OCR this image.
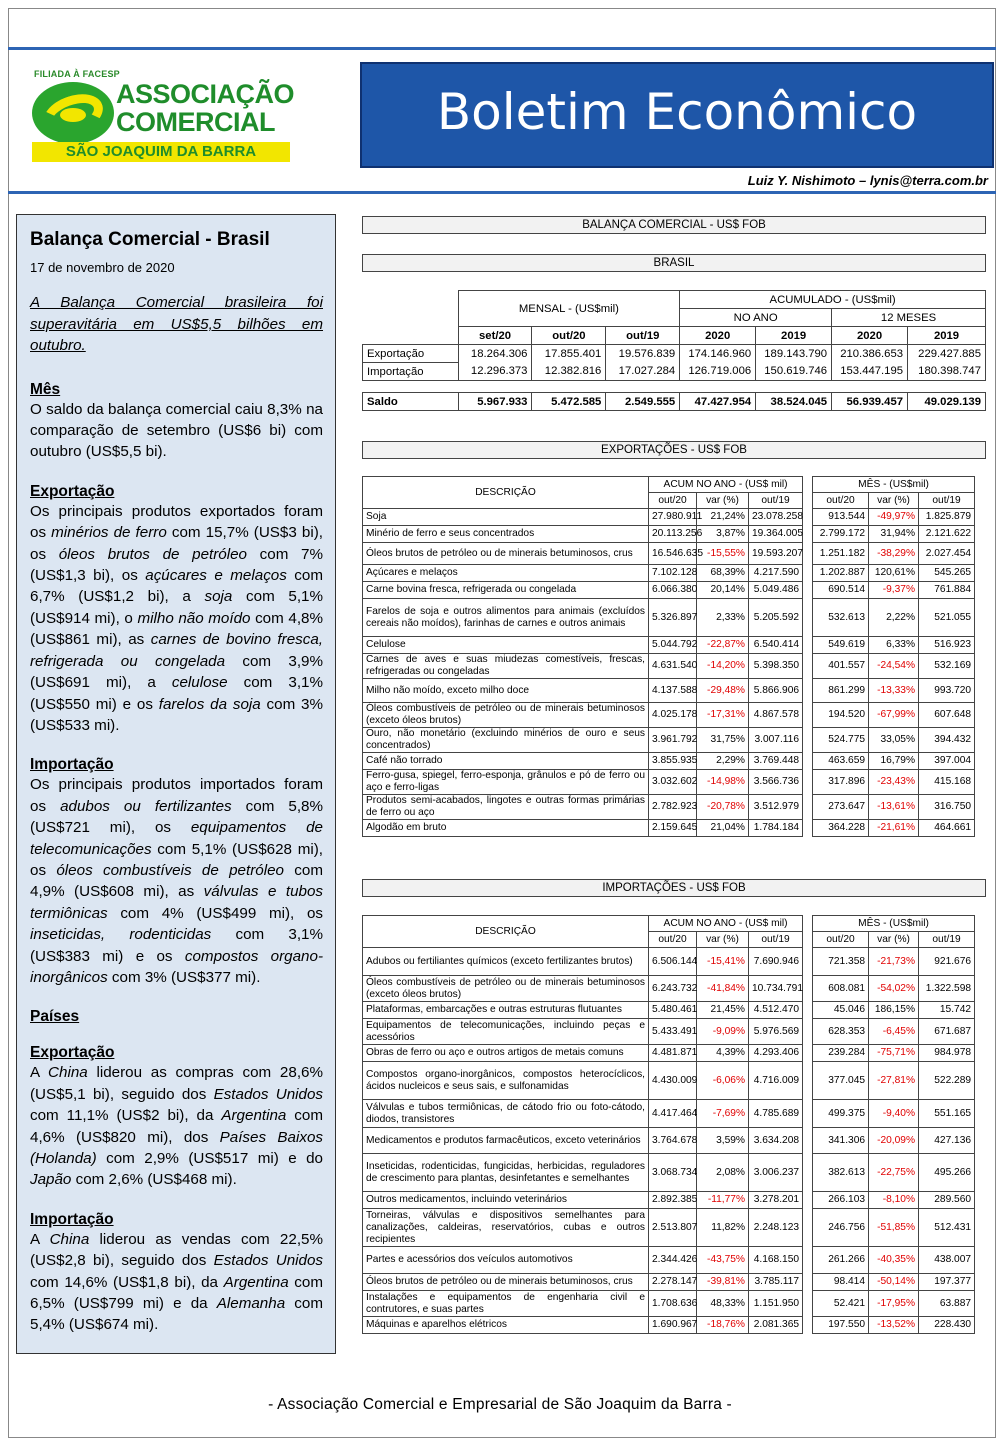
FILIADA À FACESP
ASSOCIAÇÃO
COMERCIAL
SÃO JOAQUIM DA BARRA
Boletim Econômico
Luiz Y. Nishimoto – lynis@terra.com.br
Balança Comercial - Brasil
17 de novembro de 2020

A Balança Comercial brasileira foi superavitária em US$5,5 bilhões em outubro.

Mês

O saldo da balança comercial caiu 8,3% na comparação de setembro (US$6 bi) com outubro (US$5,5 bi).

Exportação

Os principais produtos exportados foram os minérios de ferro com 15,7% (US$3 bi), os óleos brutos de petróleo com 7% (US$1,3 bi), os açúcares e melaços com 6,7% (US$1,2 bi), a soja com 5,1% (US$914 mi), o milho não moído com 4,8% (US$861 mi), as carnes de bovino fresca, refrigerada ou congelada com 3,9% (US$691 mi), a celulose com 3,1% (US$550 mi) e os farelos da soja com 3% (US$533 mi).

Importação

Os principais produtos importados foram os adubos ou fertilizantes com 5,8% (US$721 mi), os equipamentos de telecomunicações com 5,1% (US$628 mi), os óleos combustíveis de petróleo com 4,9% (US$608 mi), as válvulas e tubos termiônicas com 4% (US$499 mi), os inseticidas, rodenticidas com 3,1% (US$383 mi) e os compostos organo-inorgânicos com 3% (US$377 mi).

Países
Exportação

A China liderou as compras com 28,6% (US$5,1 bi), seguido dos Estados Unidos com 11,1% (US$2 bi), da Argentina com 4,6% (US$820 mi), dos Países Baixos (Holanda) com 2,9% (US$517 mi) e do Japão com 2,6% (US$468 mi).

Importação

A China liderou as vendas com 22,5% (US$2,8 bi), seguido dos Estados Unidos com 14,6% (US$1,8 bi), da Argentina com 6,5% (US$799 mi) e da Alemanha com 5,4% (US$674 mi).

BALANÇA COMERCIAL - US$ FOB
BRASIL
	MENSAL - (US$mil)			ACUMULADO - (US$mil)			
				NO ANO		12 MESES	
	set/20	out/20	out/19	2020	2019	2020	2019
Exportação	18.264.306	17.855.401	19.576.839	174.146.960	189.143.790	210.386.653	229.427.885
Importação	12.296.373	12.382.816	17.027.284	126.719.006	150.619.746	153.447.195	180.398.747

Saldo	5.967.933	5.472.585	2.549.555	47.427.954	38.524.045	56.939.457	49.029.139
EXPORTAÇÕES - US$ FOB
DESCRIÇÃO	ACUM NO ANO - (US$ mil)				MÊS - (US$mil)		
	out/20	var (%)	out/19		out/20	var (%)	out/19
Soja	27.980.911	21,24%	23.078.258		913.544	-49,97%	1.825.879
Minério de ferro e seus concentrados	20.113.256	3,87%	19.364.005		2.799.172	31,94%	2.121.622
Óleos brutos de petróleo ou de minerais betuminosos, crus	16.546.635	-15,55%	19.593.207		1.251.182	-38,29%	2.027.454
Açúcares e melaços	7.102.128	68,39%	4.217.590		1.202.887	120,61%	545.265
Carne bovina fresca, refrigerada ou congelada	6.066.380	20,14%	5.049.486		690.514	-9,37%	761.884
Farelos de soja e outros alimentos para animais (excluídos cereais não moídos), farinhas de carnes e outros animais	5.326.897	2,33%	5.205.592		532.613	2,22%	521.055
Celulose	5.044.792	-22,87%	6.540.414		549.619	6,33%	516.923
Carnes de aves e suas miudezas comestíveis, frescas, refrigeradas ou congeladas	4.631.540	-14,20%	5.398.350		401.557	-24,54%	532.169
Milho não moído, exceto milho doce	4.137.588	-29,48%	5.866.906		861.299	-13,33%	993.720
Óleos combustíveis de petróleo ou de minerais betuminosos (exceto óleos brutos)	4.025.178	-17,31%	4.867.578		194.520	-67,99%	607.648
Ouro, não monetário (excluindo minérios de ouro e seus concentrados)	3.961.792	31,75%	3.007.116		524.775	33,05%	394.432
Café não torrado	3.855.935	2,29%	3.769.448		463.659	16,79%	397.004
Ferro-gusa, spiegel, ferro-esponja, grânulos e pó de ferro ou aço e ferro-ligas	3.032.602	-14,98%	3.566.736		317.896	-23,43%	415.168
Produtos semi-acabados, lingotes e outras formas primárias de ferro ou aço	2.782.923	-20,78%	3.512.979		273.647	-13,61%	316.750
Algodão em bruto	2.159.645	21,04%	1.784.184		364.228	-21,61%	464.661
IMPORTAÇÕES - US$ FOB
DESCRIÇÃO	ACUM NO ANO - (US$ mil)				MÊS - (US$mil)		
	out/20	var (%)	out/19		out/20	var (%)	out/19
Adubos ou fertiliantes químicos (exceto fertilizantes brutos)	6.506.144	-15,41%	7.690.946		721.358	-21,73%	921.676
Óleos combustíveis de petróleo ou de minerais betuminosos (exceto óleos brutos)	6.243.732	-41,84%	10.734.791		608.081	-54,02%	1.322.598
Plataformas, embarcações e outras estruturas flutuantes	5.480.461	21,45%	4.512.470		45.046	186,15%	15.742
Equipamentos de telecomunicações, incluindo peças e acessórios	5.433.491	-9,09%	5.976.569		628.353	-6,45%	671.687
Obras de ferro ou aço e outros artigos de metais comuns	4.481.871	4,39%	4.293.406		239.284	-75,71%	984.978
Compostos organo-inorgânicos, compostos heterocíclicos, ácidos nucleicos e seus sais, e sulfonamidas	4.430.009	-6,06%	4.716.009		377.045	-27,81%	522.289
Válvulas e tubos termiônicas, de cátodo frio ou foto-cátodo, diodos, transistores	4.417.464	-7,69%	4.785.689		499.375	-9,40%	551.165
Medicamentos e produtos farmacêuticos, exceto veterinários	3.764.678	3,59%	3.634.208		341.306	-20,09%	427.136
Inseticidas, rodenticidas, fungicidas, herbicidas, reguladores de crescimento para plantas, desinfetantes e semelhantes	3.068.734	2,08%	3.006.237		382.613	-22,75%	495.266
Outros medicamentos, incluindo veterinários	2.892.385	-11,77%	3.278.201		266.103	-8,10%	289.560
Torneiras, válvulas e dispositivos semelhantes para canalizações, caldeiras, reservatórios, cubas e outros recipientes	2.513.807	11,82%	2.248.123		246.756	-51,85%	512.431
Partes e acessórios dos veículos automotivos	2.344.426	-43,75%	4.168.150		261.266	-40,35%	438.007
Óleos brutos de petróleo ou de minerais betuminosos, crus	2.278.147	-39,81%	3.785.117		98.414	-50,14%	197.377
Instalações e equipamentos de engenharia civil e contrutores, e suas partes	1.708.636	48,33%	1.151.950		52.421	-17,95%	63.887
Máquinas e aparelhos elétricos	1.690.967	-18,76%	2.081.365		197.550	-13,52%	228.430
- Associação Comercial e Empresarial de São Joaquim da Barra -
